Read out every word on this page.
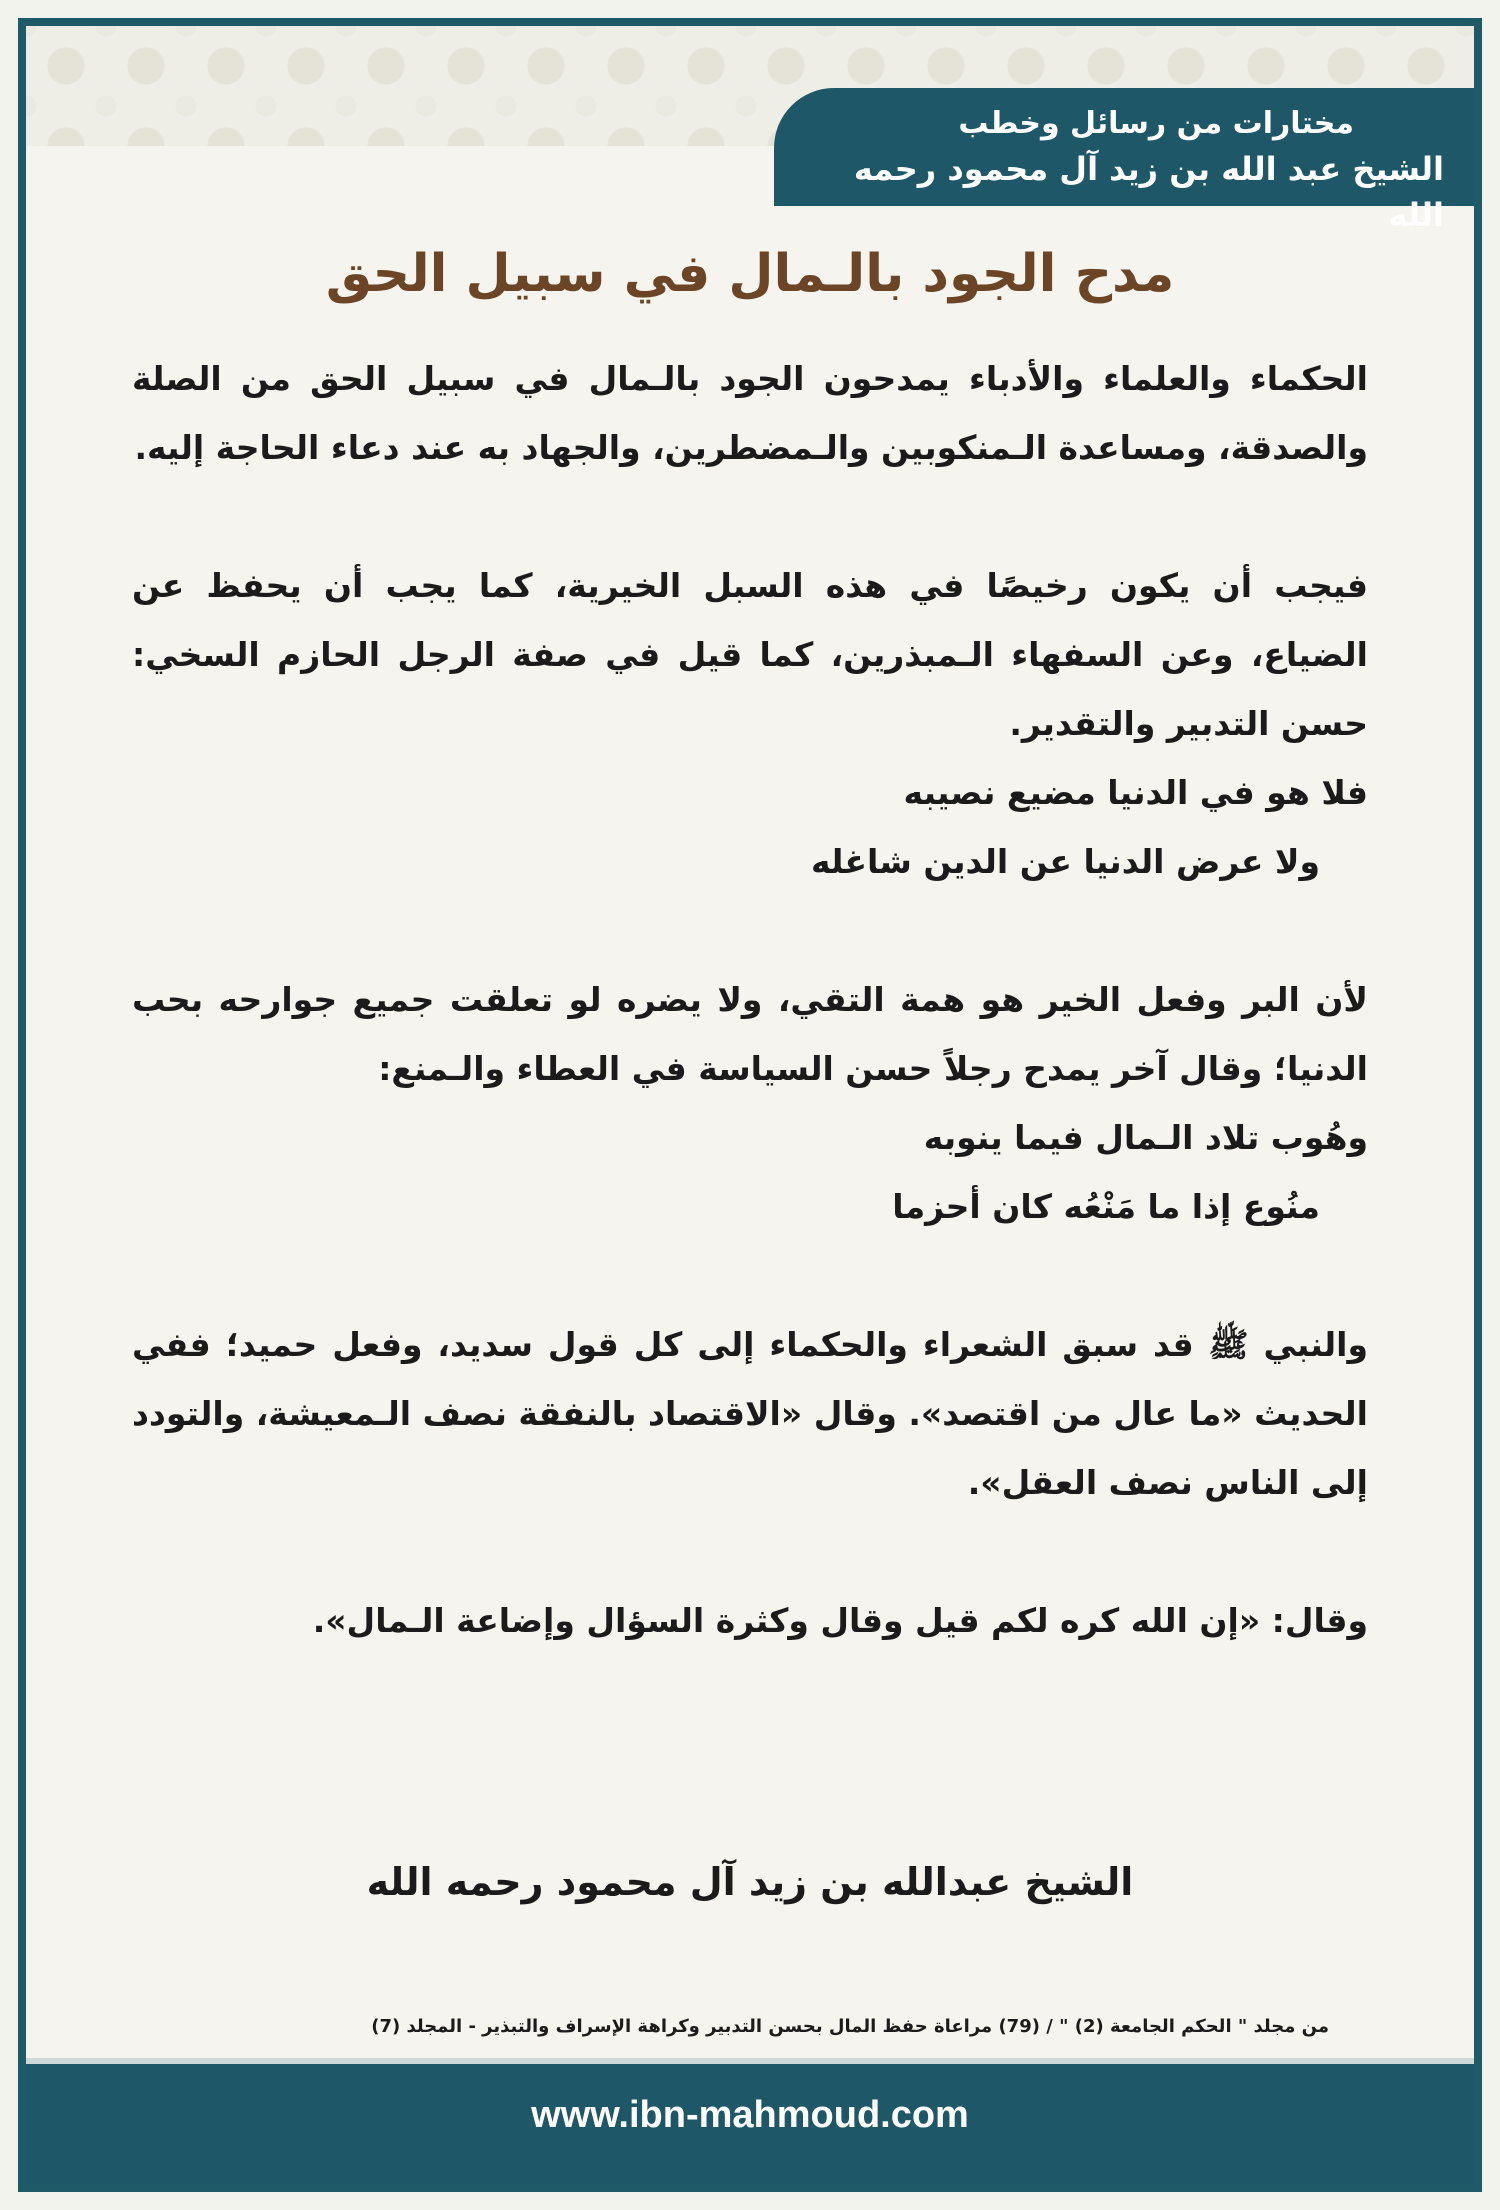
مختارات من رسائل وخطب
الشيخ عبد الله بن زيد آل محمود رحمه الله
مدح الجود بالـمال في سبيل الحق

الحكماء والعلماء والأدباء يمدحون الجود بالـمال في سبيل الحق من الصلة والصدقة، ومساعدة الـمنكوبين والـمضطرين، والجهاد به عند دعاء الحاجة إليه.

فيجب أن يكون رخيصًا في هذه السبل الخيرية، كما يجب أن يحفظ عن الضياع، وعن السفهاء الـمبذرين، كما قيل في صفة الرجل الحازم السخي: حسن التدبير والتقدير.

فلا هو في الدنيا مضيع نصيبه

ولا عرض الدنيا عن الدين شاغله

لأن البر وفعل الخير هو همة التقي، ولا يضره لو تعلقت جميع جوارحه بحب الدنيا؛ وقال آخر يمدح رجلاً حسن السياسة في العطاء والـمنع:

وهُوب تلاد الـمال فيما ينوبه

منُوع إذا ما مَنْعُه كان أحزما

والنبي ﷺ قد سبق الشعراء والحكماء إلى كل قول سديد، وفعل حميد؛ ففي الحديث «ما عال من اقتصد». وقال «الاقتصاد بالنفقة نصف الـمعيشة، والتودد إلى الناس نصف العقل».

وقال: «إن الله كره لكم قيل وقال وكثرة السؤال وإضاعة الـمال».

الشيخ عبدالله بن زيد آل محمود رحمه الله
من مجلد " الحكم الجامعة (2) " / (79) مراعاة حفظ المال بحسن التدبير وكراهة الإسراف والتبذير - المجلد (7)
www.ibn-mahmoud.com
